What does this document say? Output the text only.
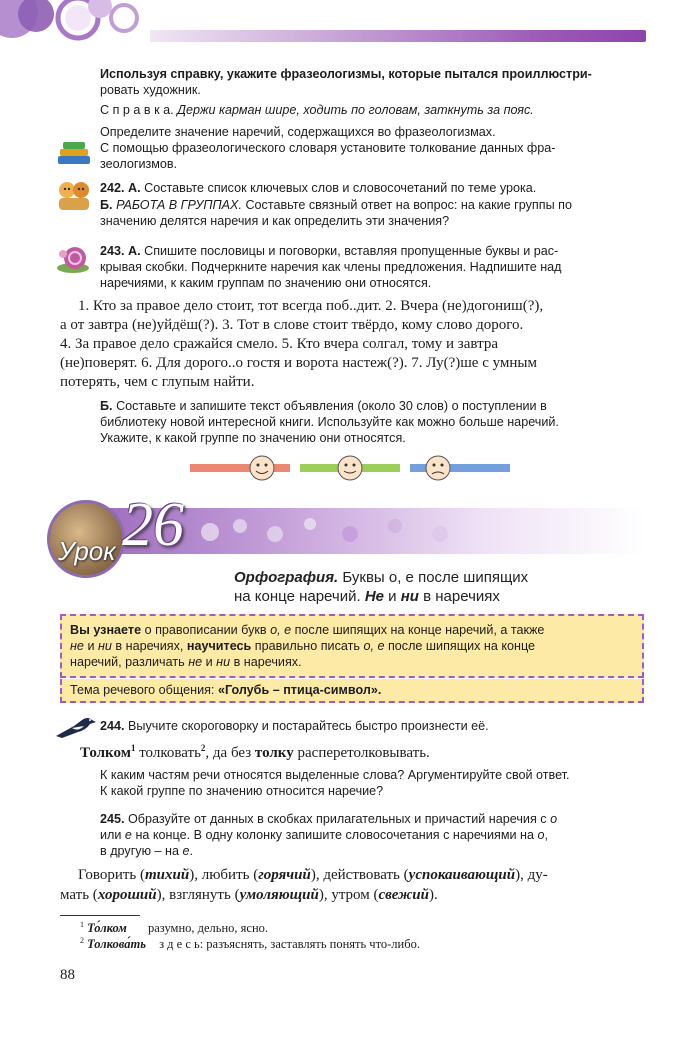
Используя справку, укажите фразеологизмы, которые пытался проиллюстри-

ровать художник.

С п р а в к а. Держи карман шире, ходить по головам, заткнуть за пояс.

Определите значение наречий, содержащихся во фразеологизмах.

С помощью фразеологического словаря установите толкование данных фра-

зеологизмов.

242. А. Составьте список ключевых слов и словосочетаний по теме урока.

Б. РАБОТА В ГРУППАХ. Составьте связный ответ на вопрос: на какие группы по

значению делятся наречия и как определить эти значения?

243. А. Спишите пословицы и поговорки, вставляя пропущенные буквы и рас-

крывая скобки. Подчеркните наречия как члены предложения. Надпишите над

наречиями, к каким группам по значению они относятся.

1. Кто за правое дело стоит, тот всегда поб..дит. 2. Вчера (не)догониш(?),

а от завтра (не)уйдёш(?). 3. Тот в слове стоит твёрдо, кому слово дорого.

4. За правое дело сражайся смело. 5. Кто вчера солгал, тому и завтра

(не)поверят. 6. Для дорого..о гостя и ворота настеж(?). 7. Лу(?)ше с умным

потерять, чем с глупым найти.

Б. Составьте и запишите текст объявления (около 30 слов) о поступлении в

библиотеку новой интересной книги. Используйте как можно больше наречий.

Укажите, к какой группе по значению они относятся.

Урок 26
Орфография. Буквы о, е после шипящих
на конце наречий. Не и ни в наречиях

Вы узнаете о правописании букв о, е после шипящих на конце наречий, а также

не и ни в наречиях, научитесь правильно писать о, е после шипящих на конце

наречий, различать не и ни в наречиях.

Тема речевого общения: «Голубь – птица-символ».

244. Выучите скороговорку и постарайтесь быстро произнести её.

Толком$^1$ толковать$^2$, да без толку расперетолковывать.

К каким частям речи относятся выделенные слова? Аргументируйте свой ответ.

К какой группе по значению относится наречие?

245. Образуйте от данных в скобках прилагательных и причастий наречия с о

или е на конце. В одну колонку запишите словосочетания с наречиями на о,

в другую – на е.

Говорить (тихий), любить (горячий), действовать (успокаивающий), ду-

мать (хороший), взглянуть (умоляющий), утром (свежий).

$^1$ То́лком разумно, дельно, ясно.

$^2$ Толкова́ть з д е с ь: разъяснять, заставлять понять что-либо.

88
